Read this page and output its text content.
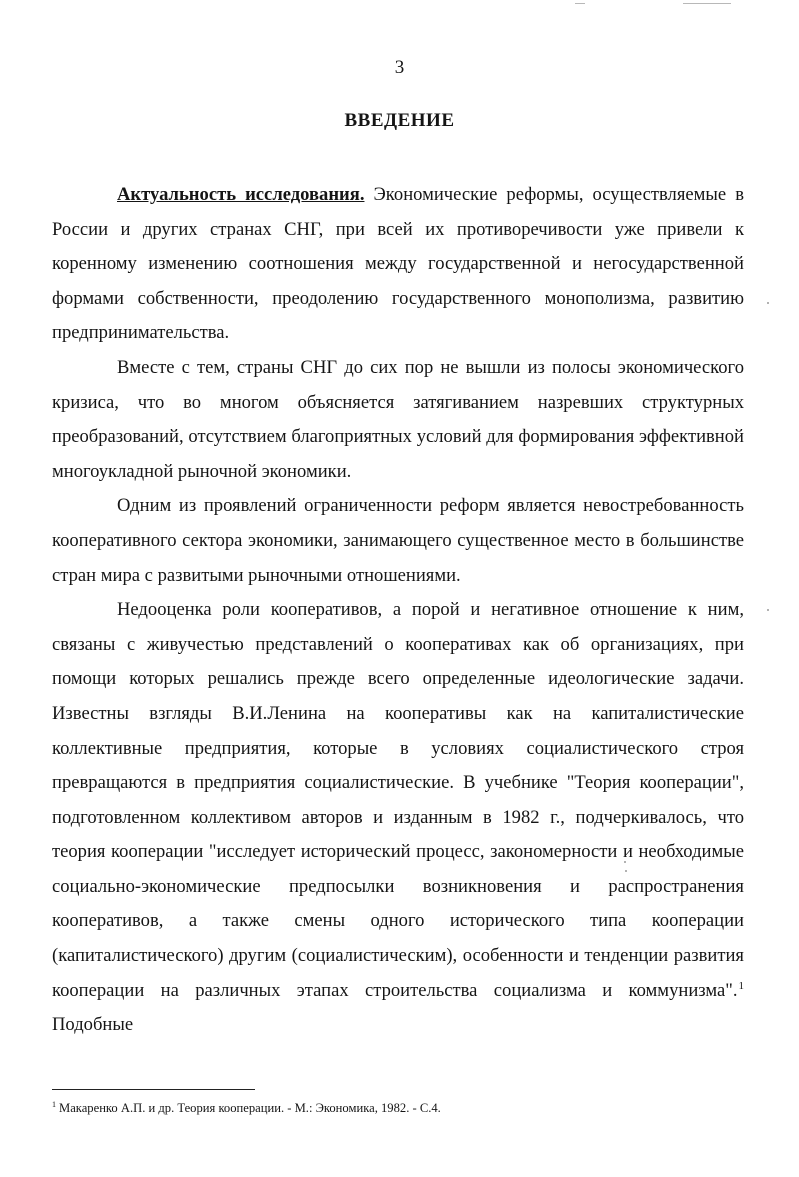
3
ВВЕДЕНИЕ

Актуальность исследования. Экономические реформы, осуществляемые в России и других странах СНГ, при всей их противоречивости уже привели к коренному изменению соотношения между государственной и негосударственной формами собственности, преодолению государственного монополизма, развитию предпринимательства.

Вместе с тем, страны СНГ до сих пор не вышли из полосы экономического кризиса, что во многом объясняется затягиванием назревших структурных преобразований, отсутствием благоприятных условий для формирования эффективной многоукладной рыночной экономики.

Одним из проявлений ограниченности реформ является невостребованность кооперативного сектора экономики, занимающего существенное место в большинстве стран мира с развитыми рыночными отношениями.

Недооценка роли кооперативов, а порой и негативное отношение к ним, связаны с живучестью представлений о кооперативах как об организациях, при помощи которых решались прежде всего определенные идеологические задачи. Известны взгляды В.И.Ленина на кооперативы как на капиталистические коллективные предприятия, которые в условиях социалистического строя превращаются в предприятия социалистические. В учебнике "Теория кооперации", подготовленном коллективом авторов и изданным в 1982 г., подчеркивалось, что теория кооперации "исследует исторический процесс, закономерности и необходимые социально-экономические предпосылки возникновения и распространения кооперативов, а также смены одного исторического типа кооперации (капиталистического) другим (социалистическим), особенности и тенденции развития кооперации на различных этапах строительства социализма и коммунизма".$^1$ Подобные

$^1$ Макаренко А.П. и др. Теория кооперации. - М.: Экономика, 1982. - С.4.
